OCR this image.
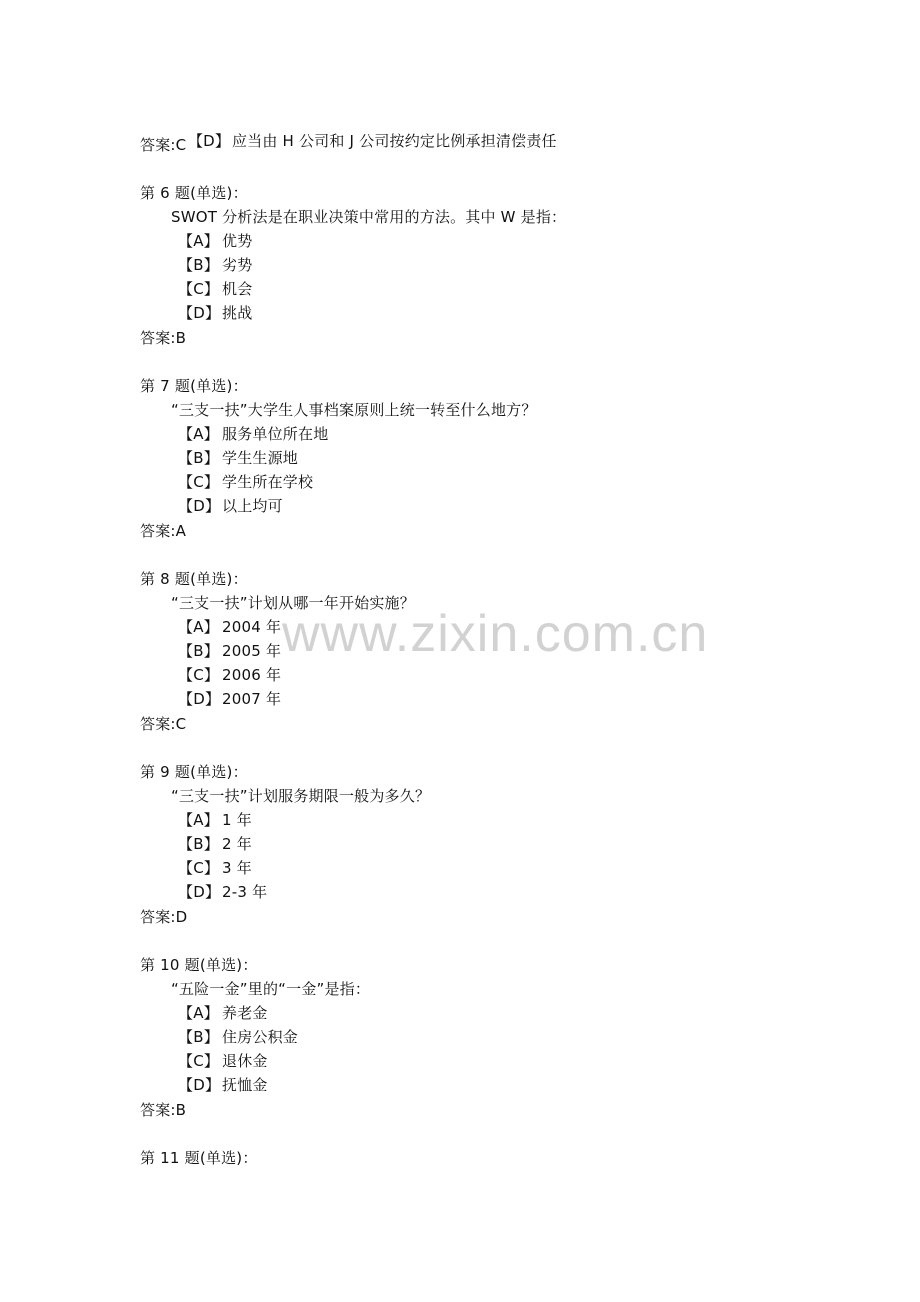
【D】 应当由 H 公司和 J 公司按约定比例承担清偿责任

答案:C
第 6 题(单选)：
SWOT 分析法是在职业决策中常用的方法。其中 W 是指：
【A】 优势
【B】 劣势
【C】 机会
【D】 挑战
答案:B
第 7 题(单选)：
“三支一扶”大学生人事档案原则上统一转至什么地方？
【A】 服务单位所在地
【B】 学生生源地
【C】 学生所在学校
【D】 以上均可
答案:A
第 8 题(单选)：
“三支一扶”计划从哪一年开始实施？
【A】 2004 年
【B】 2005 年
【C】 2006 年
【D】 2007 年
答案:C
第 9 题(单选)：
“三支一扶”计划服务期限一般为多久？
【A】 1 年
【B】 2 年
【C】 3 年
【D】 2-3 年
答案:D
第 10 题(单选)：
“五险一金”里的“一金”是指：
【A】 养老金
【B】 住房公积金
【C】 退休金
【D】 抚恤金
答案:B
第 11 题(单选)：
www.zixin.com.cn
